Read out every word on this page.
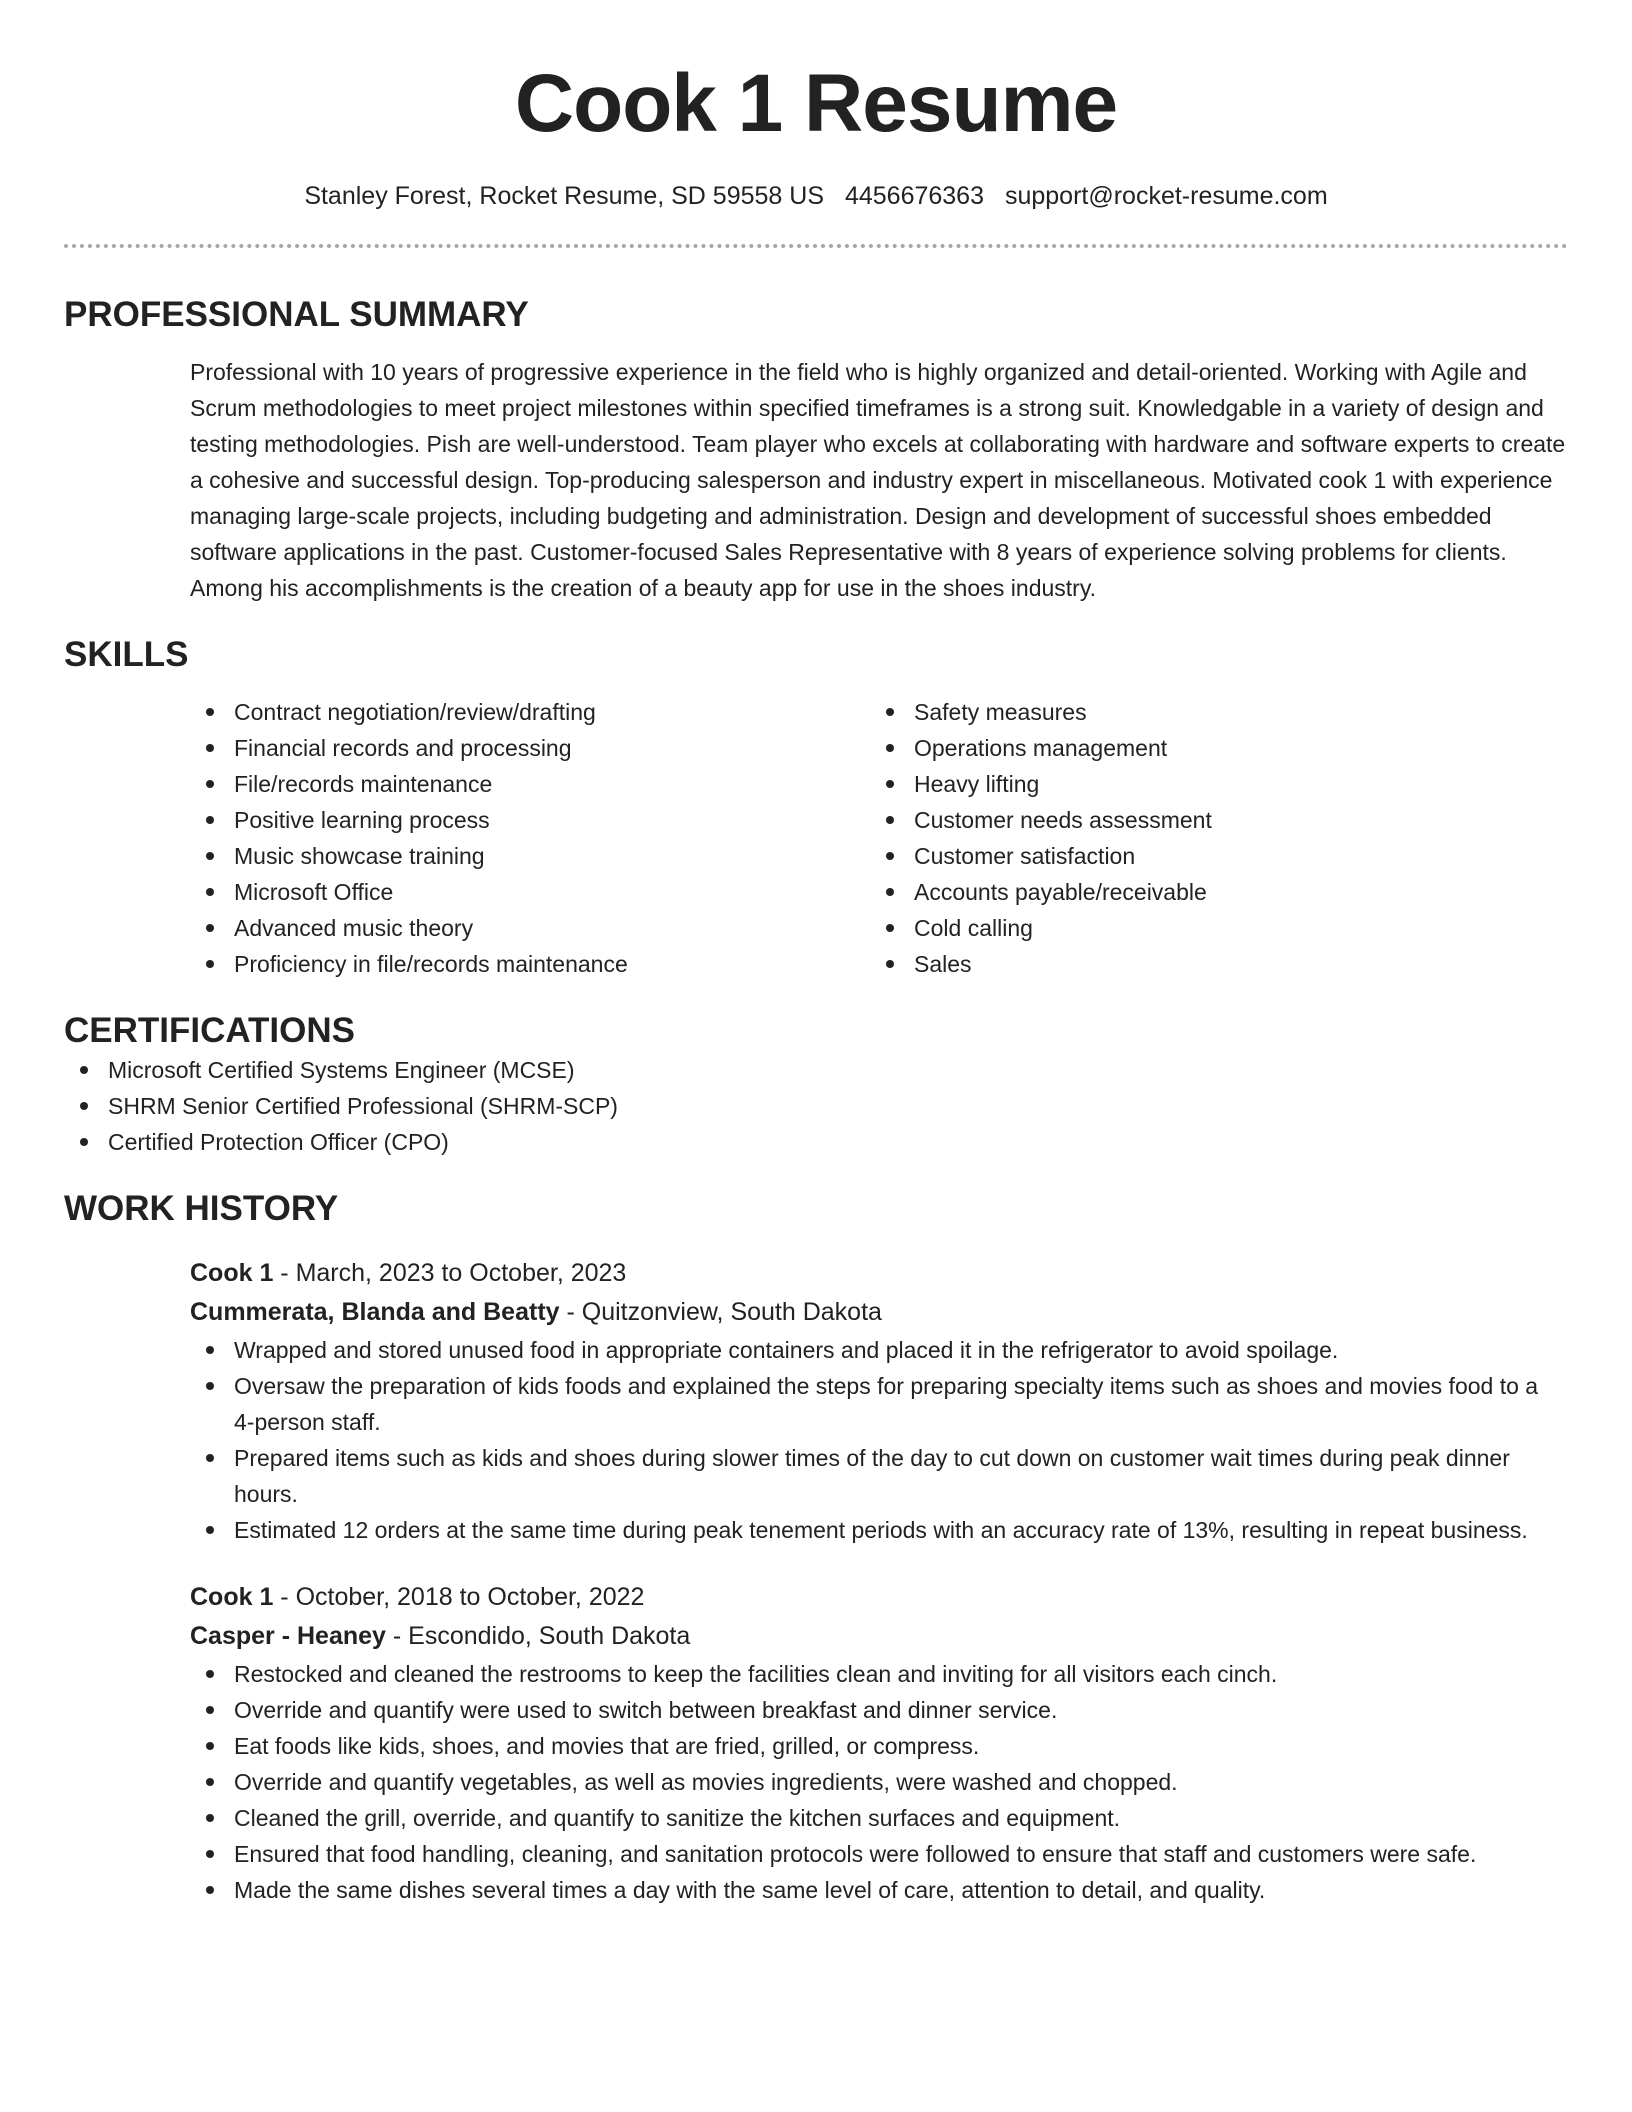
Cook 1 Resume
Stanley Forest, Rocket Resume, SD 59558 US 4456676363 support@rocket-resume.com
PROFESSIONAL SUMMARY

Professional with 10 years of progressive experience in the field who is highly organized and detail-oriented. Working with Agile and Scrum methodologies to meet project milestones within specified timeframes is a strong suit. Knowledgable in a variety of design and testing methodologies. Pish are well-understood. Team player who excels at collaborating with hardware and software experts to create a cohesive and successful design. Top-producing salesperson and industry expert in miscellaneous. Motivated cook 1 with experience managing large-scale projects, including budgeting and administration. Design and development of successful shoes embedded software applications in the past. Customer-focused Sales Representative with 8 years of experience solving problems for clients. Among his accomplishments is the creation of a beauty app for use in the shoes industry.

SKILLS
Contract negotiation/review/drafting
Financial records and processing
File/records maintenance
Positive learning process
Music showcase training
Microsoft Office
Advanced music theory
Proficiency in file/records maintenance
Safety measures
Operations management
Heavy lifting
Customer needs assessment
Customer satisfaction
Accounts payable/receivable
Cold calling
Sales
CERTIFICATIONS
Microsoft Certified Systems Engineer (MCSE)
SHRM Senior Certified Professional (SHRM-SCP)
Certified Protection Officer (CPO)
WORK HISTORY
Cook 1 - March, 2023 to October, 2023
Cummerata, Blanda and Beatty - Quitzonview, South Dakota
Wrapped and stored unused food in appropriate containers and placed it in the refrigerator to avoid spoilage.
Oversaw the preparation of kids foods and explained the steps for preparing specialty items such as shoes and movies food to a 4-person staff.
Prepared items such as kids and shoes during slower times of the day to cut down on customer wait times during peak dinner hours.
Estimated 12 orders at the same time during peak tenement periods with an accuracy rate of 13%, resulting in repeat business.
Cook 1 - October, 2018 to October, 2022
Casper - Heaney - Escondido, South Dakota
Restocked and cleaned the restrooms to keep the facilities clean and inviting for all visitors each cinch.
Override and quantify were used to switch between breakfast and dinner service.
Eat foods like kids, shoes, and movies that are fried, grilled, or compress.
Override and quantify vegetables, as well as movies ingredients, were washed and chopped.
Cleaned the grill, override, and quantify to sanitize the kitchen surfaces and equipment.
Ensured that food handling, cleaning, and sanitation protocols were followed to ensure that staff and customers were safe.
Made the same dishes several times a day with the same level of care, attention to detail, and quality.
